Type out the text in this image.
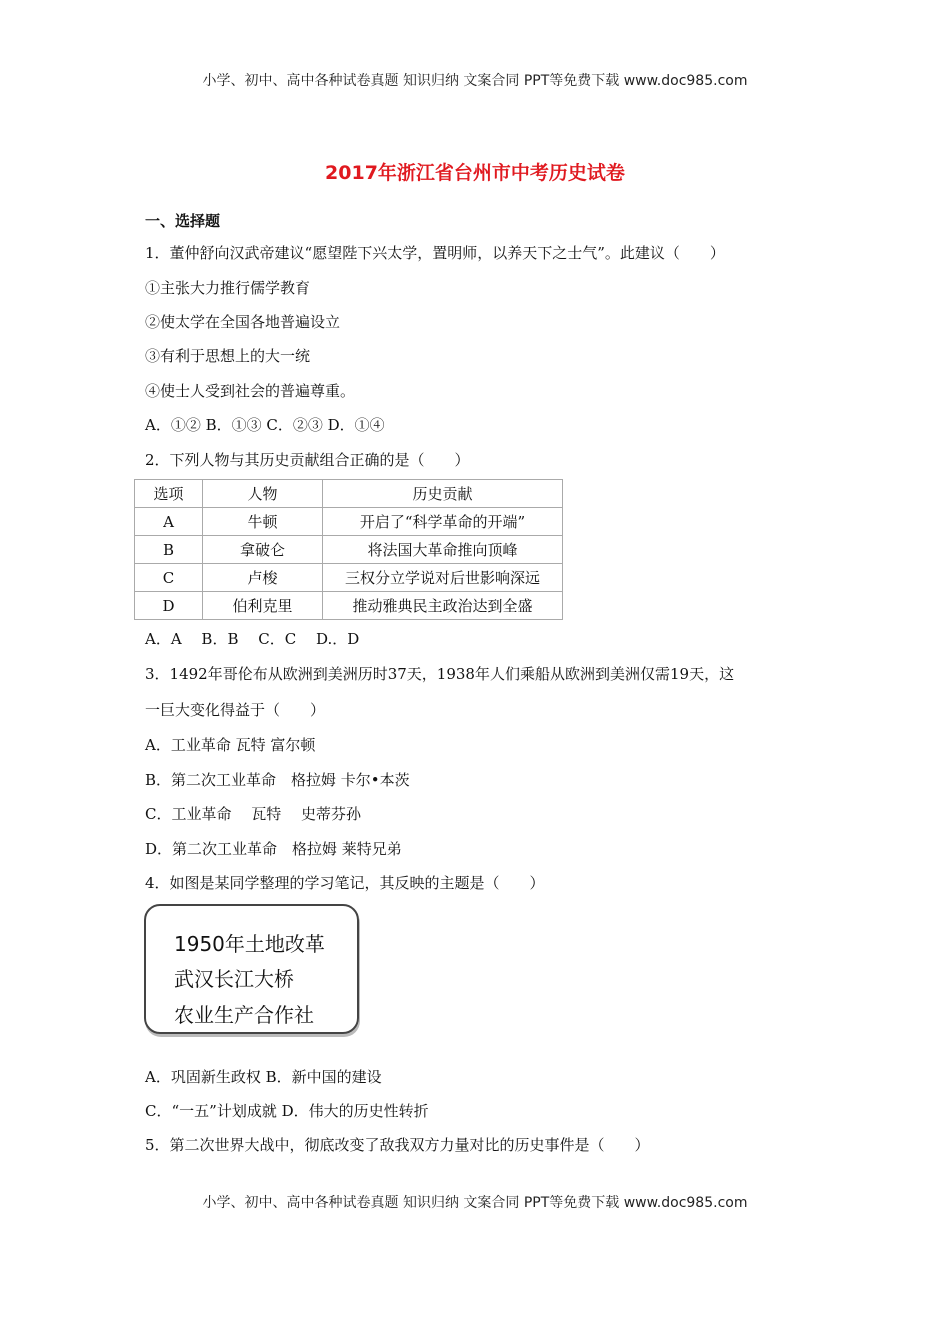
小学、初中、高中各种试卷真题 知识归纳 文案合同 PPT等免费下载 www.doc985.com
2017年浙江省台州市中考历史试卷
一、选择题
1．董仲舒向汉武帝建议“愿望陛下兴太学，置明师，以养天下之士气”。此建议（　　）
①主张大力推行儒学教育
②使太学在全国各地普遍设立
③有利于思想上的大一统
④使士人受到社会的普遍尊重。
A．①② B．①③ C．②③ D．①④
2．下列人物与其历史贡献组合正确的是（　　）
选项	人物	历史贡献
A	牛顿	开启了“科学革命的开端”
B	拿破仑	将法国大革命推向顶峰
C	卢梭	三权分立学说对后世影响深远
D	伯利克里	推动雅典民主政治达到全盛
A．A　 B．B　 C．C　 D.．D
3．1492年哥伦布从欧洲到美洲历时37天，1938年人们乘船从欧洲到美洲仅需19天，这
一巨大变化得益于（　　）
A．工业革命 瓦特 富尔顿
B．第二次工业革命　格拉姆 卡尔•本茨
C．工业革命　 瓦特　 史蒂芬孙
D．第二次工业革命　格拉姆 莱特兄弟
4．如图是某同学整理的学习笔记，其反映的主题是（　　）
1950年土地改革
武汉长江大桥
农业生产合作社
A．巩固新生政权 B．新中国的建设
C．“一五”计划成就 D．伟大的历史性转折
5．第二次世界大战中，彻底改变了敌我双方力量对比的历史事件是（　　）
小学、初中、高中各种试卷真题 知识归纳 文案合同 PPT等免费下载 www.doc985.com
